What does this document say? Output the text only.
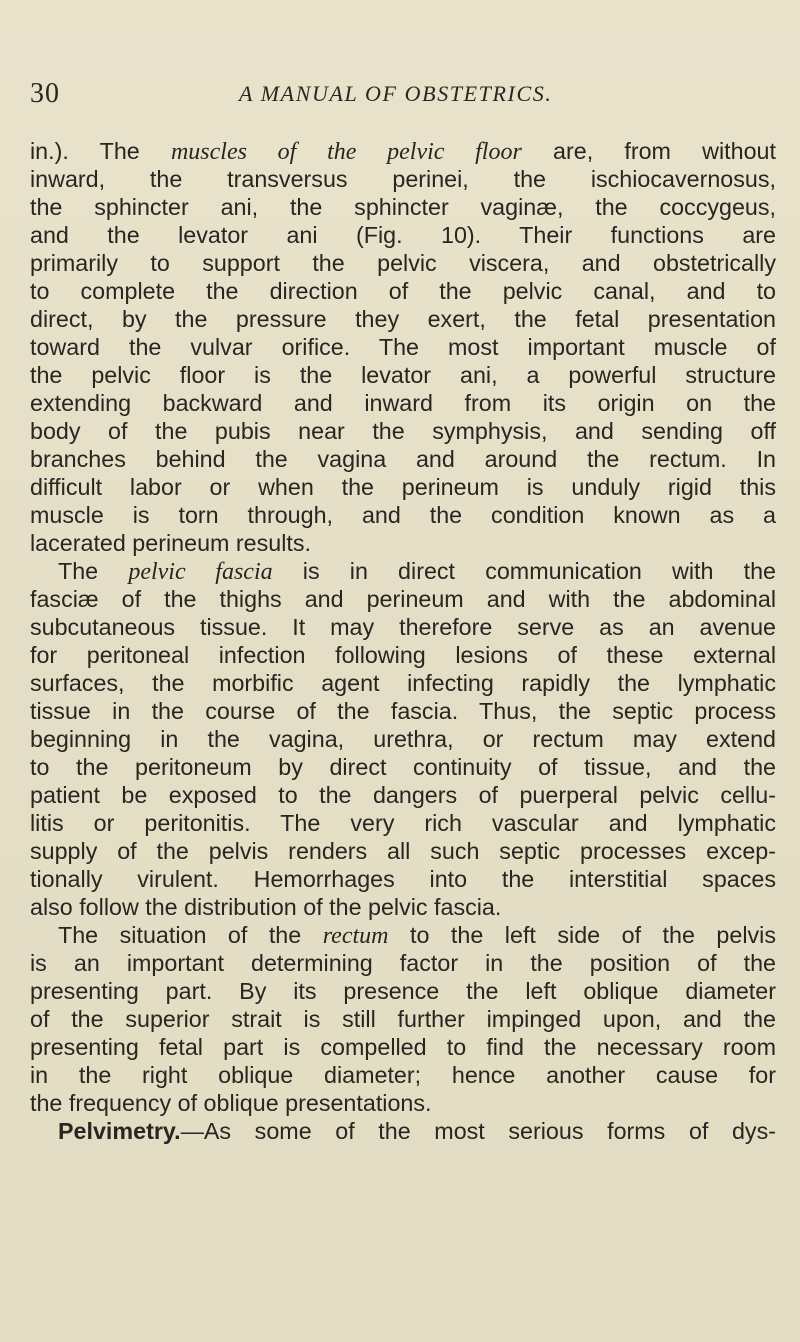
30	A MANUAL OF OBSTETRICS.
in.). The muscles of the pelvic floor are, from without
inward, the transversus perinei, the ischiocavernosus,
the sphincter ani, the sphincter vaginæ, the coccygeus,
and the levator ani (Fig. 10). Their functions are
primarily to support the pelvic viscera, and obstetrically
to complete the direction of the pelvic canal, and to
direct, by the pressure they exert, the fetal presentation
toward the vulvar orifice. The most important muscle of
the pelvic floor is the levator ani, a powerful structure
extending backward and inward from its origin on the
body of the pubis near the symphysis, and sending off
branches behind the vagina and around the rectum. In
difficult labor or when the perineum is unduly rigid this
muscle is torn through, and the condition known as a
lacerated perineum results.
The pelvic fascia is in direct communication with the
fasciæ of the thighs and perineum and with the abdominal
subcutaneous tissue. It may therefore serve as an avenue
for peritoneal infection following lesions of these external
surfaces, the morbific agent infecting rapidly the lymphatic
tissue in the course of the fascia. Thus, the septic process
beginning in the vagina, urethra, or rectum may extend
to the peritoneum by direct continuity of tissue, and the
patient be exposed to the dangers of puerperal pelvic cellu-
litis or peritonitis. The very rich vascular and lymphatic
supply of the pelvis renders all such septic processes excep-
tionally virulent. Hemorrhages into the interstitial spaces
also follow the distribution of the pelvic fascia.
The situation of the rectum to the left side of the pelvis
is an important determining factor in the position of the
presenting part. By its presence the left oblique diameter
of the superior strait is still further impinged upon, and the
presenting fetal part is compelled to find the necessary room
in the right oblique diameter; hence another cause for
the frequency of oblique presentations.
Pelvimetry.—As some of the most serious forms of dys-
